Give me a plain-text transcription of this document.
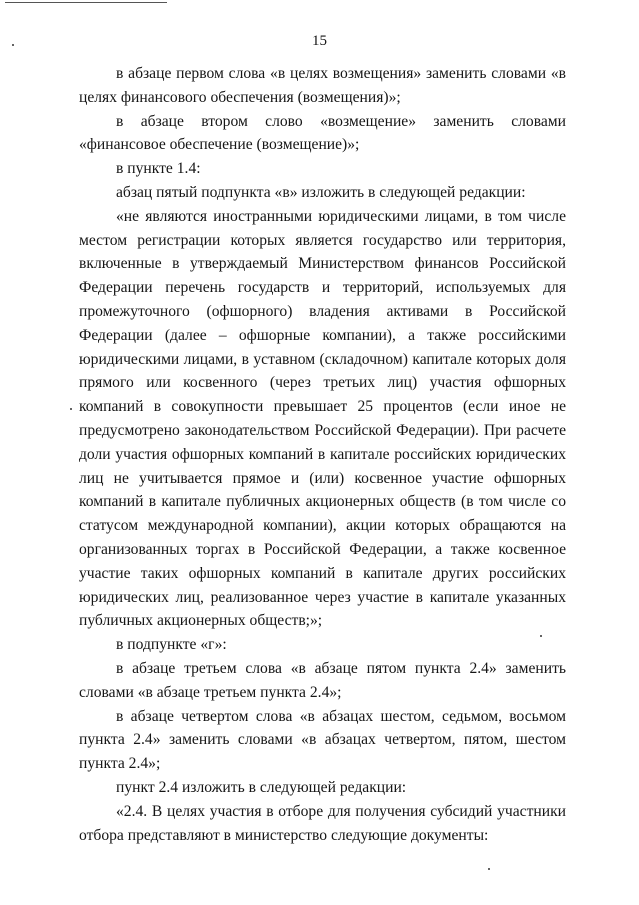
15

в абзаце первом слова «в целях возмещения» заменить словами «в целях финансового обеспечения (возмещения)»;

в абзаце втором слово «возмещение» заменить словами «финансовое обеспечение (возмещение)»;

в пункте 1.4:

абзац пятый подпункта «в» изложить в следующей редакции:

«не являются иностранными юридическими лицами, в том числе местом регистрации которых является государство или территория, включенные в утверждаемый Министерством финансов Российской Федерации перечень государств и территорий, используемых для промежуточного (офшорного) владения активами в Российской Федерации (далее – офшорные компании), а также российскими юридическими лицами, в уставном (складочном) капитале которых доля прямого или косвенного (через третьих лиц) участия офшорных компаний в совокупности превышает 25 процентов (если иное не предусмотрено законодательством Российской Федерации). При расчете доли участия офшорных компаний в капитале российских юридических лиц не учитывается прямое и (или) косвенное участие офшорных компаний в капитале публичных акционерных обществ (в том числе со статусом международной компании), акции которых обращаются на организованных торгах в Российской Федерации, а также косвенное участие таких офшорных компаний в капитале других российских юридических лиц, реализованное через участие в капитале указанных публичных акционерных обществ;»;

в подпункте «г»:

в абзаце третьем слова «в абзаце пятом пункта 2.4» заменить словами «в абзаце третьем пункта 2.4»;

в абзаце четвертом слова «в абзацах шестом, седьмом, восьмом пункта 2.4» заменить словами «в абзацах четвертом, пятом, шестом пункта 2.4»;

пункт 2.4 изложить в следующей редакции:

«2.4. В целях участия в отборе для получения субсидий участники отбора представляют в министерство следующие документы:
